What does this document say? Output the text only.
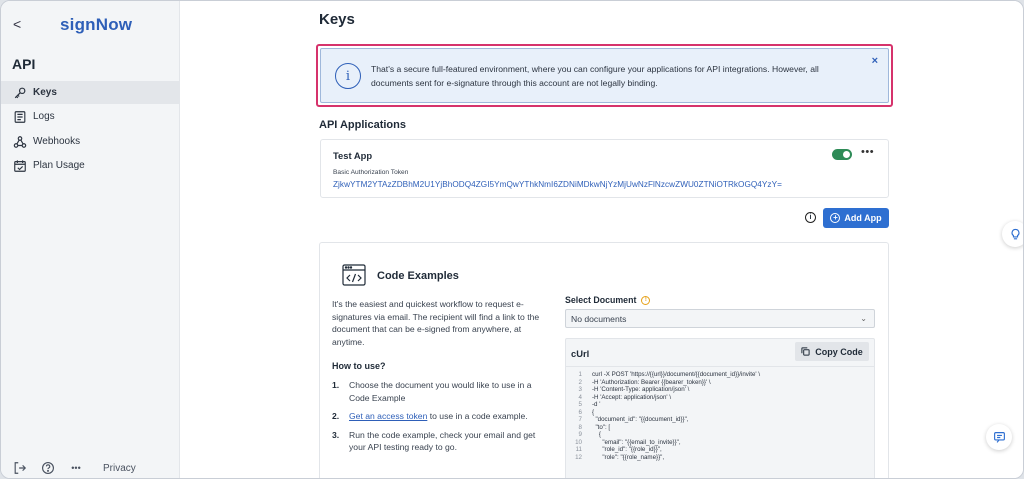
<	signNow
API
Keys
Logs
Webhooks
Plan Usage
••• Privacy
Keys
i	That's a secure full-featured environment, where you can configure your applications for API integrations. However, all documents sent for e-signature through this account are not legally binding.
×
API Applications
Test App	•••
Basic Authorization Token
ZjkwYTM2YTAzZDBhM2U1YjBhODQ4ZGI5YmQwYThkNmI6ZDNiMDkwNjYzMjUwNzFlNzcwZWU0ZTNiOTRkOGQ4YzY=
i	+ Add App
Code Examples

It's the easiest and quickest workflow to request e-signatures via email. The recipient will find a link to the document that can be e-signed from anywhere, at anytime.

How to use?
1. Choose the document you would like to use in a Code Example
2. Get an access token to use in a code example.
3. Run the code example, check your email and get your API testing ready to go.
Select Document	!
No documents	⌄
cUrl	Copy Code
1	curl -X POST 'https://{{url}}/document/{{document_id}}/invite' \
2	-H 'Authorization: Bearer {{bearer_token}}' \
3	-H 'Content-Type: application/json' \
4	-H 'Accept: application/json' \
5	-d '
6	{
7	"document_id": "{{document_id}}",
8	"to": [
9	{
10	"email": "{{email_to_invite}}",
11	"role_id": "{{role_id}}",
12	"role": "{{role_name}}",
